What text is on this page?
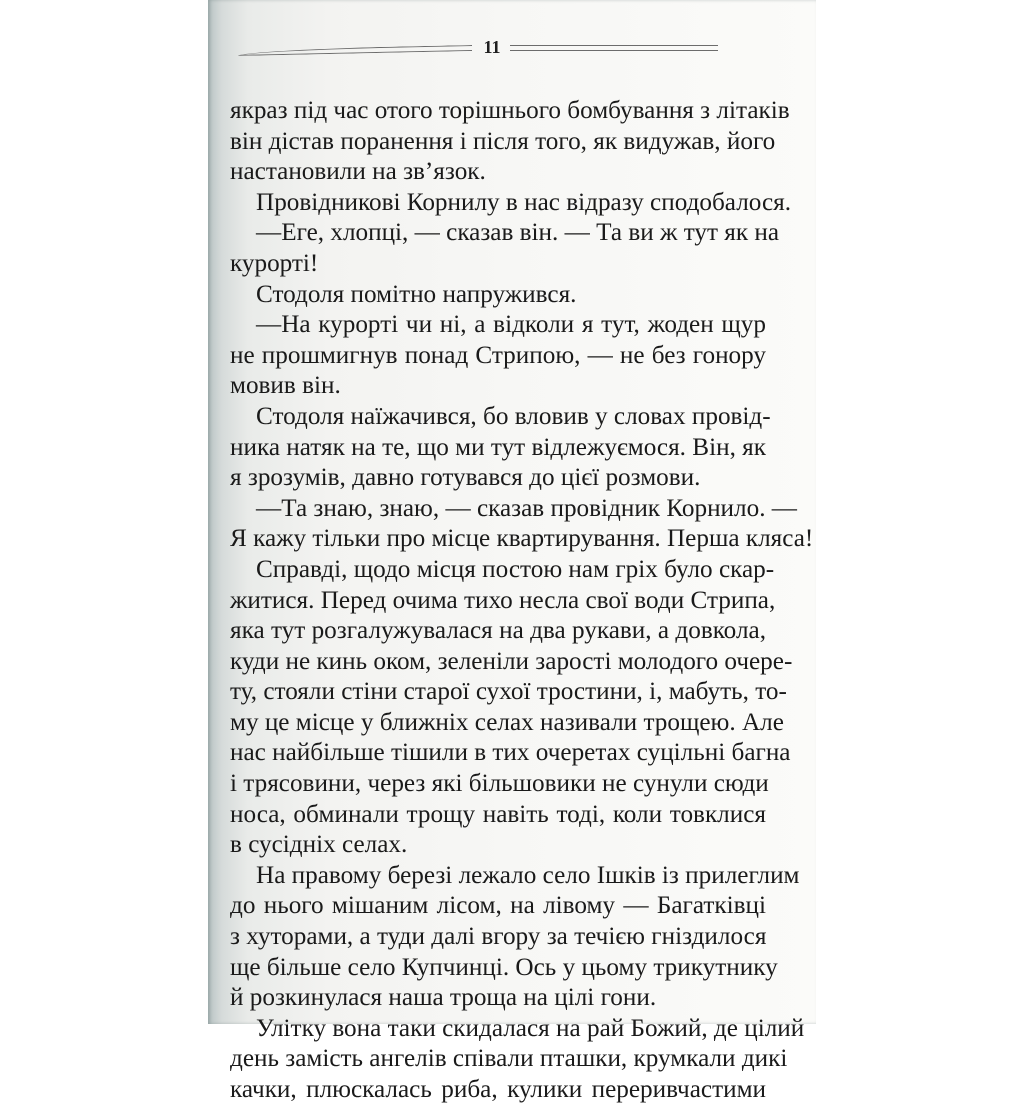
11
якраз під час отого торішнього бомбування з літаків
він дістав поранення і після того, як видужав, його
настановили на зв’язок.
Провідникові Корнилу в нас відразу сподобалося.
—Еге, хлопці, — сказав він. — Та ви ж тут як на
курорті!
Стодоля помітно напружився.
—На курорті чи ні, а відколи я тут, жоден щур
не прошмигнув понад Стрипою, — не без гонору
мовив він.
Стодоля наїжачився, бо вловив у словах провід-
ника натяк на те, що ми тут відлежуємося. Він, як
я зрозумів, давно готувався до цієї розмови.
—Та знаю, знаю, — сказав провідник Корнило. —
Я кажу тільки про місце квартирування. Перша кляса!
Справді, щодо місця постою нам гріх було скар-
житися. Перед очима тихо несла свої води Стрипа,
яка тут розгалужувалася на два рукави, а довкола,
куди не кинь оком, зеленіли зарості молодого очере-
ту, стояли стіни старої сухої тростини, і, мабуть, то-
му це місце у ближніх селах називали трощею. Але
нас найбільше тішили в тих очеретах суцільні багна
і трясовини, через які більшовики не сунули сюди
носа, обминали трощу навіть тоді, коли товклися
в сусідніх селах.
На правому березі лежало село Ішків із прилеглим
до нього мішаним лісом, на лівому — Багатківці
з хуторами, а туди далі вгору за течією гніздилося
ще більше село Купчинці. Ось у цьому трикутнику
й розкинулася наша троща на цілі гони.
Улітку вона таки скидалася на рай Божий, де цілий
день замість ангелів співали пташки, крумкали дикі
качки, плюскалась риба, кулики переривчастими
